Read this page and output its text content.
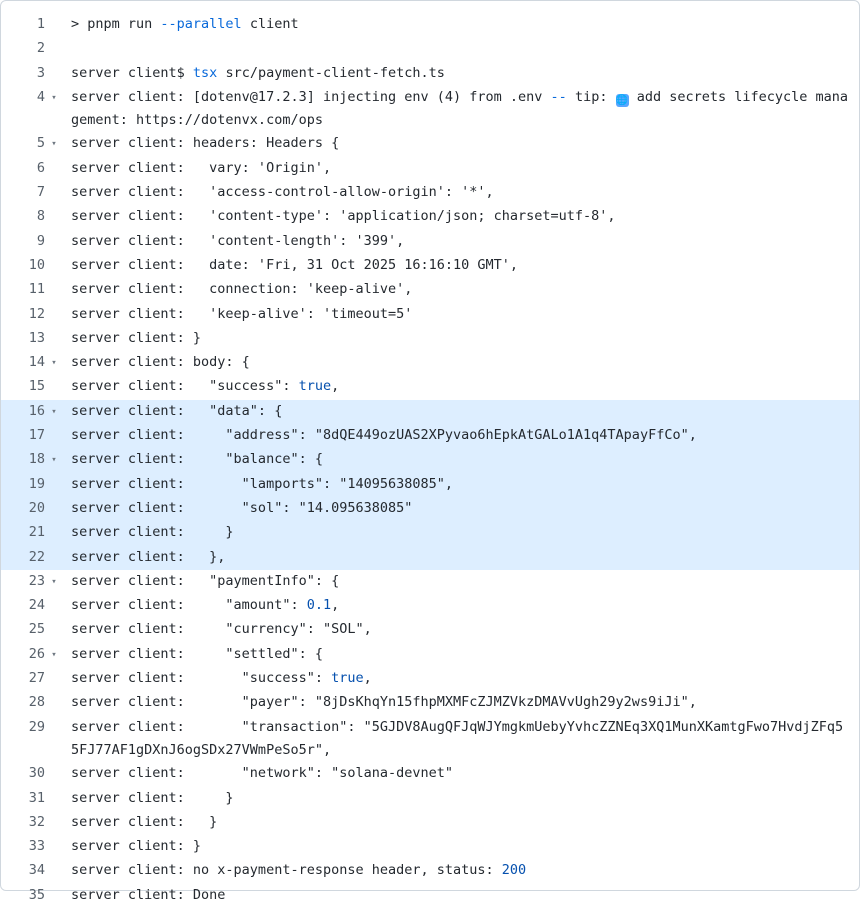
1	> pnpm run --parallel client
2
3	server client$ tsx src/payment-client-fetch.ts
4 ▾	server client: [dotenv@17.2.3] injecting env (4) from .env -- tip: 🌐 add secrets lifecycle management: https://dotenvx.com/ops
5 ▾	server client: headers: Headers {
6	server client:   vary: 'Origin',
7	server client:   'access-control-allow-origin': '*',
8	server client:   'content-type': 'application/json; charset=utf-8',
9	server client:   'content-length': '399',
10	server client:   date: 'Fri, 31 Oct 2025 16:16:10 GMT',
11	server client:   connection: 'keep-alive',
12	server client:   'keep-alive': 'timeout=5'
13	server client: }
14 ▾	server client: body: {
15	server client:   "success": true,
16 ▾	server client:   "data": {
17	server client:     "address": "8dQE449ozUAS2XPyvao6hEpkAtGALo1A1q4TApayFfCo",
18 ▾	server client:     "balance": {
19	server client:       "lamports": "14095638085",
20	server client:       "sol": "14.095638085"
21	server client:     }
22	server client:   },
23 ▾	server client:   "paymentInfo": {
24	server client:     "amount": 0.1,
25	server client:     "currency": "SOL",
26 ▾	server client:     "settled": {
27	server client:       "success": true,
28	server client:       "payer": "8jDsKhqYn15fhpMXMFcZJMZVkzDMAVvUgh29y2ws9iJi",
29	server client:       "transaction": "5GJDV8AugQFJqWJYmgkmUebyYvhcZZNEq3XQ1MunXKamtgFwo7HvdjZFq55FJ77AF1gDXnJ6ogSDx27VWmPeSo5r",
30	server client:       "network": "solana-devnet"
31	server client:     }
32	server client:   }
33	server client: }
34	server client: no x-payment-response header, status: 200
35	server client: Done
